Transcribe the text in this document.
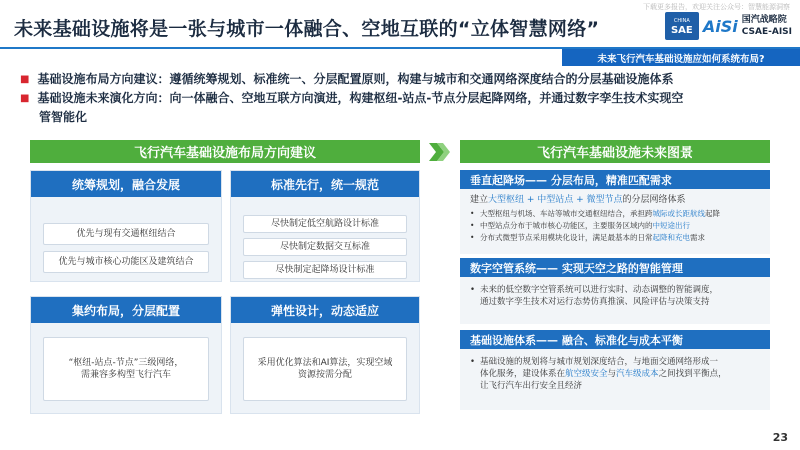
下载更多报告，欢迎关注公众号：智慧能源洞察
未来基础设施将是一张与城市一体融合、空地互联的“立体智慧网络”	CHINA
SAE AiSi 国汽战略院
CSAE-AISI
未来飞行汽车基础设施应如何系统布局?
■ 基础设施布局方向建议：遵循统筹规划、标准统一、分层配置原则，构建与城市和交通网络深度结合的分层基础设施体系
■ 基础设施未来演化方向：向一体融合、空地互联方向演进，构建枢纽-站点-节点分层起降网络，并通过数字孪生技术实现空
管智能化
飞行汽车基础设施布局方向建议	飞行汽车基础设施未来图景
统筹规划，融合发展
优先与现有交通枢纽结合
优先与城市核心功能区及建筑结合
标准先行，统一规范
尽快制定低空航路设计标准
尽快制定数据交互标准
尽快制定起降场设计标准
集约布局，分层配置
“枢纽-站点-节点”三级网络，
需兼容多构型飞行汽车
弹性设计，动态适应
采用优化算法和AI算法，实现空域
资源按需分配
垂直起降场—— 分层布局，精准匹配需求
建立大型枢纽 + 中型站点 + 微型节点的分层网络体系
• 大型枢纽与机场、车站等城市交通枢纽结合，承担跨城际或长距航线起降
• 中型站点分布于城市核心功能区，主要服务区域内的中短途出行
• 分布式微型节点采用模块化设计，满足最基本的日常起降和充电需求
数字空管系统—— 实现天空之路的智能管理
• 未来的低空数字空管系统可以进行实时、动态调整的智能调度，
通过数字孪生技术对运行态势仿真推演、风险评估与决策支持
基础设施体系—— 融合、标准化与成本平衡
• 基础设施的规划将与城市规划深度结合，与地面交通网络形成一
体化服务，建设体系在航空级安全与汽车级成本之间找到平衡点，
让飞行汽车出行安全且经济
23
